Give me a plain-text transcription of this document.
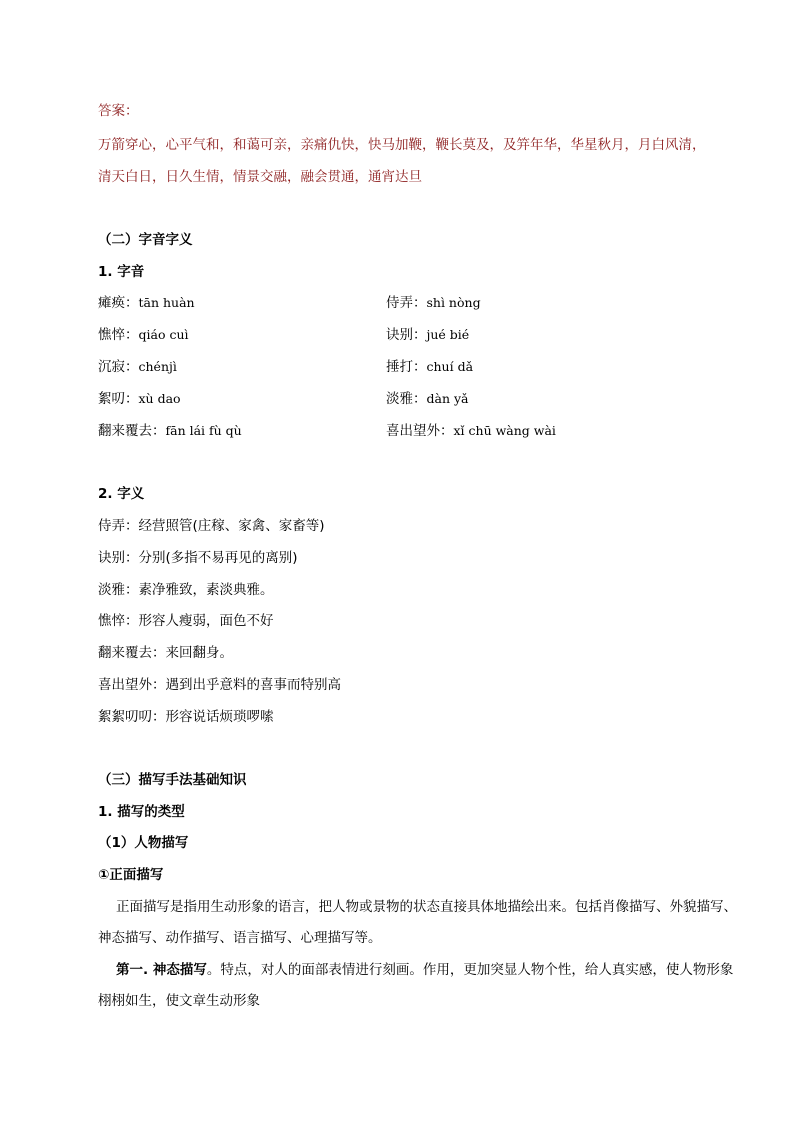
答案：
万箭穿心，心平气和，和蔼可亲，亲痛仇快，快马加鞭，鞭长莫及，及笄年华，华星秋月，月白风清，
清天白日，日久生情，情景交融，融会贯通，通宵达旦
（二）字音字义
1. 字音
瘫痪：tān huàn	侍弄：shì nòng
憔悴：qiáo cuì	诀别：jué bié
沉寂：chénjì	捶打：chuí dǎ
絮叨：xù dao	淡雅：dàn yǎ
翻来覆去：fān lái fù qù	喜出望外：xǐ chū wàng wài
2. 字义
侍弄：经营照管(庄稼、家禽、家畜等)
诀别：分别(多指不易再见的离别)
淡雅：素净雅致，素淡典雅。
憔悴：形容人瘦弱，面色不好
翻来覆去：来回翻身。
喜出望外：遇到出乎意料的喜事而特别高
絮絮叨叨：形容说话烦琐啰嗦
（三）描写手法基础知识
1. 描写的类型
（1）人物描写
①正面描写
正面描写是指用生动形象的语言，把人物或景物的状态直接具体地描绘出来。包括肖像描写、外貌描写、神态描写、动作描写、语言描写、心理描写等。
第一. 神态描写。特点，对人的面部表情进行刻画。作用，更加突显人物个性，给人真实感，使人物形象栩栩如生，使文章生动形象
